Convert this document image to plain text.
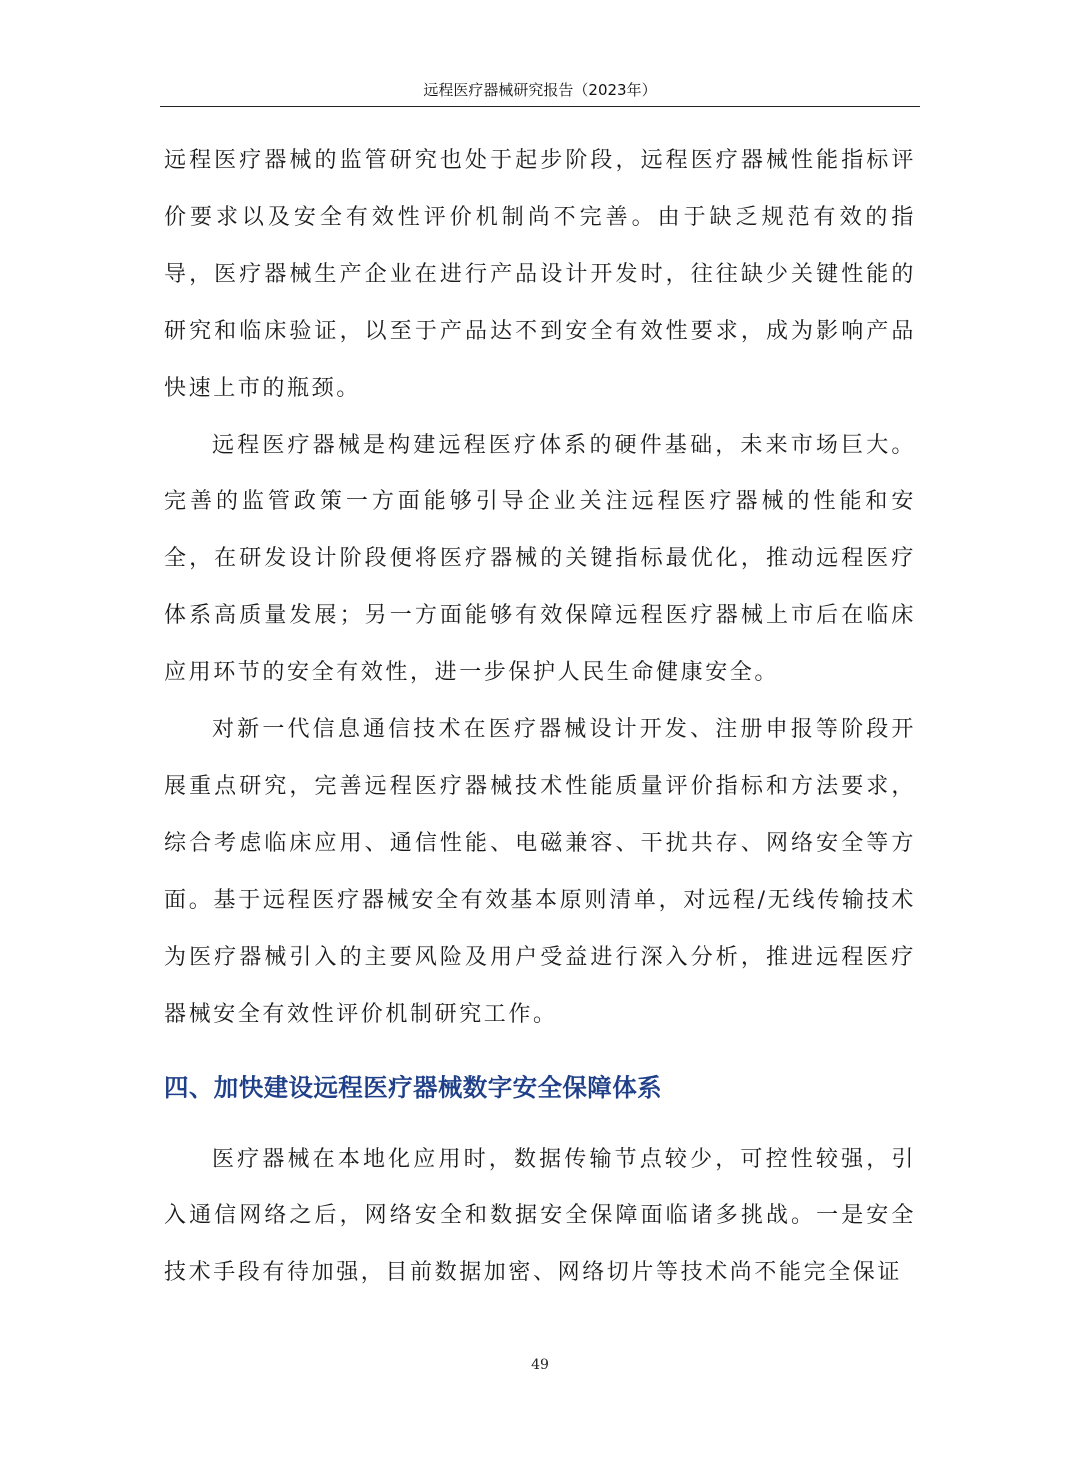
远程医疗器械研究报告（2023年）

远程医疗器械的监管研究也处于起步阶段，远程医疗器械性能指标评价要求以及安全有效性评价机制尚不完善。由于缺乏规范有效的指导，医疗器械生产企业在进行产品设计开发时，往往缺少关键性能的研究和临床验证，以至于产品达不到安全有效性要求，成为影响产品快速上市的瓶颈。

远程医疗器械是构建远程医疗体系的硬件基础，未来市场巨大。完善的监管政策一方面能够引导企业关注远程医疗器械的性能和安全，在研发设计阶段便将医疗器械的关键指标最优化，推动远程医疗体系高质量发展；另一方面能够有效保障远程医疗器械上市后在临床应用环节的安全有效性，进一步保护人民生命健康安全。

对新一代信息通信技术在医疗器械设计开发、注册申报等阶段开展重点研究，完善远程医疗器械技术性能质量评价指标和方法要求，综合考虑临床应用、通信性能、电磁兼容、干扰共存、网络安全等方面。基于远程医疗器械安全有效基本原则清单，对远程/无线传输技术为医疗器械引入的主要风险及用户受益进行深入分析，推进远程医疗器械安全有效性评价机制研究工作。

四、加快建设远程医疗器械数字安全保障体系

医疗器械在本地化应用时，数据传输节点较少，可控性较强，引入通信网络之后，网络安全和数据安全保障面临诸多挑战。一是安全技术手段有待加强，目前数据加密、网络切片等技术尚不能完全保证

49
